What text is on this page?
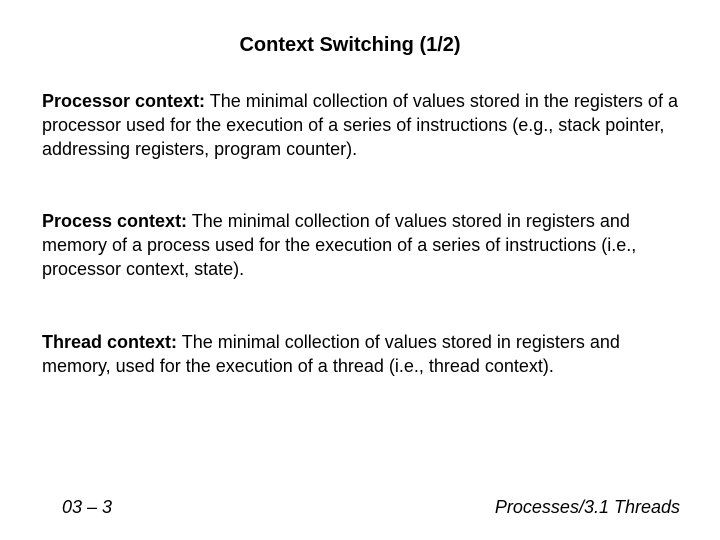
Context Switching (1/2)

Processor context: The minimal collection of values stored in the registers of a processor used for the execution of a series of instructions (e.g., stack pointer, addressing registers, program counter).

Process context: The minimal collection of values stored in registers and memory of a process used for the execution of a series of instructions (i.e., processor context, state).

Thread context: The minimal collection of values stored in registers and memory, used for the execution of a thread (i.e., thread context).

03 – 3	Processes/3.1 Threads
